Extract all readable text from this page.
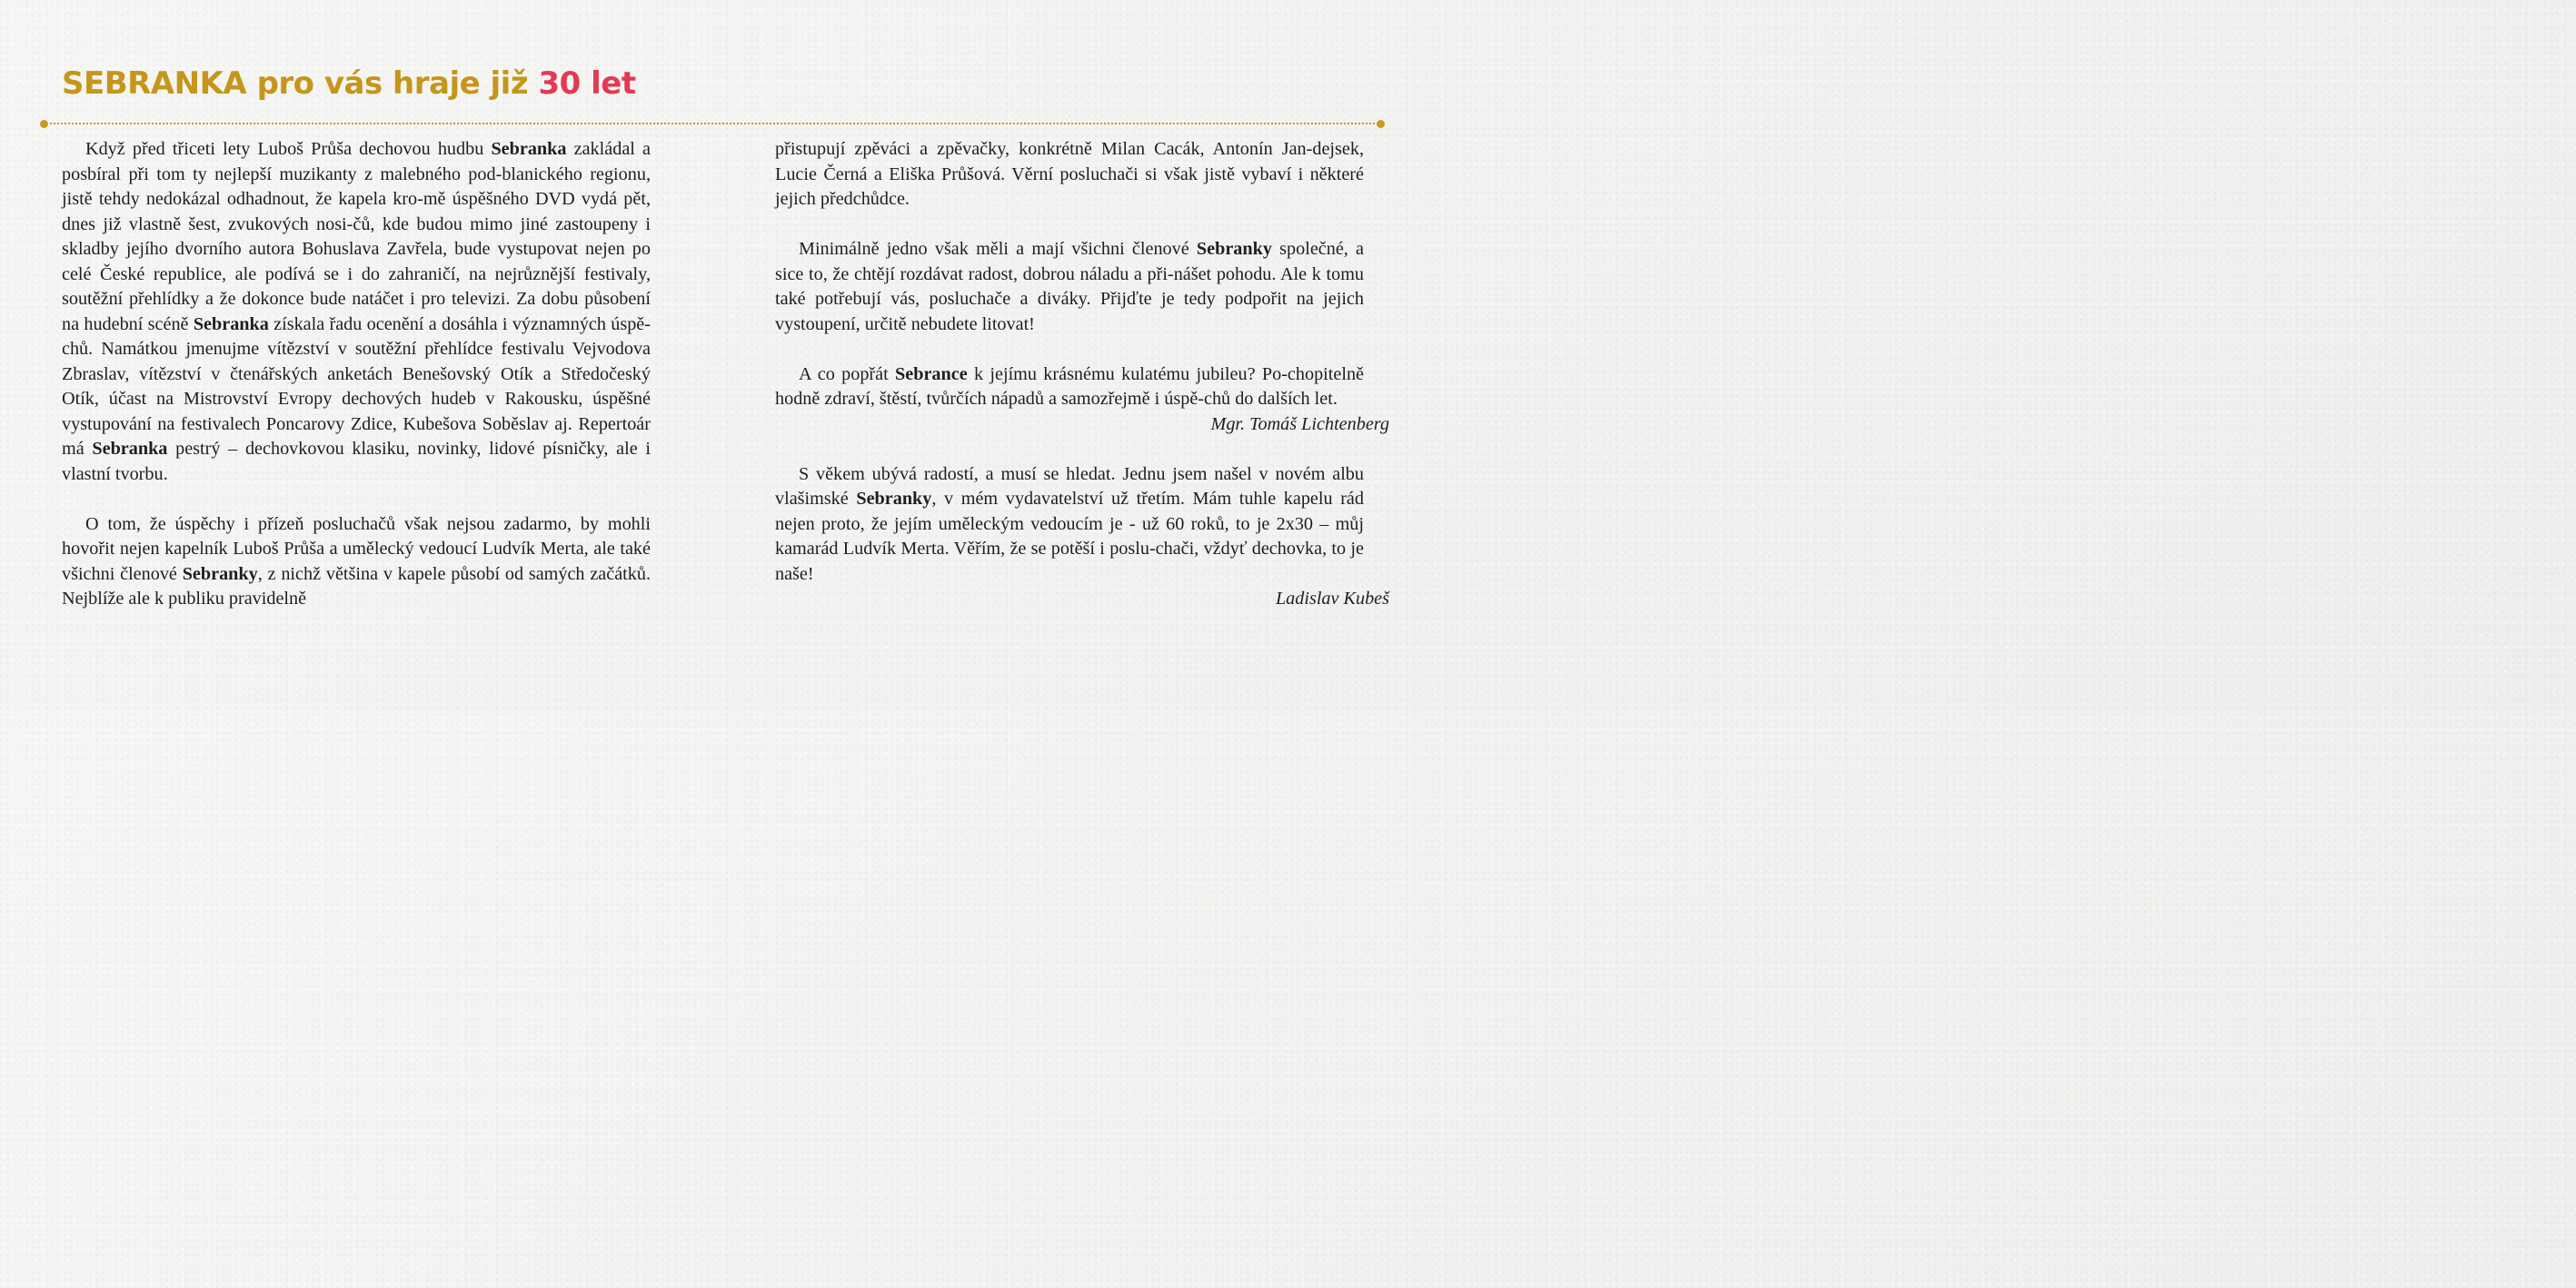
SEBRANKA pro vás hraje již 30 let

Když před třiceti lety Luboš Průša dechovou hudbu Sebranka zakládal a posbíral při tom ty nejlepší muzikanty z malebného pod-blanického regionu, jistě tehdy nedokázal odhadnout, že kapela kro-mě úspěšného DVD vydá pět, dnes již vlastně šest, zvukových nosi-čů, kde budou mimo jiné zastoupeny i skladby jejího dvorního autora Bohuslava Zavřela, bude vystupovat nejen po celé České republice, ale podívá se i do zahraničí, na nejrůznější festivaly, soutěžní přehlídky a že dokonce bude natáčet i pro televizi. Za dobu působení na hudební scéně Sebranka získala řadu ocenění a dosáhla i významných úspě-chů. Namátkou jmenujme vítězství v soutěžní přehlídce festivalu Vejvodova Zbraslav, vítězství v čtenářských anketách Benešovský Otík a Středočeský Otík, účast na Mistrovství Evropy dechových hudeb v Rakousku, úspěšné vystupování na festivalech Poncarovy Zdice, Kubešova Soběslav aj. Repertoár má Sebranka pestrý – dechovkovou klasiku, novinky, lidové písničky, ale i vlastní tvorbu.

O tom, že úspěchy i přízeň posluchačů však nejsou zadarmo, by mohli hovořit nejen kapelník Luboš Průša a umělecký vedoucí Ludvík Merta, ale také všichni členové Sebranky, z nichž většina v kapele působí od samých začátků. Nejblíže ale k publiku pravidelně

přistupují zpěváci a zpěvačky, konkrétně Milan Cacák, Antonín Jan-dejsek, Lucie Černá a Eliška Průšová. Věrní posluchači si však jistě vybaví i některé jejich předchůdce.

Minimálně jedno však měli a mají všichni členové Sebranky společné, a sice to, že chtějí rozdávat radost, dobrou náladu a při-nášet pohodu. Ale k tomu také potřebují vás, posluchače a diváky. Přijďte je tedy podpořit na jejich vystoupení, určitě nebudete litovat!

A co popřát Sebrance k jejímu krásnému kulatému jubileu? Po-chopitelně hodně zdraví, štěstí, tvůrčích nápadů a samozřejmě i úspě-chů do dalších let.

Mgr. Tomáš Lichtenberg

S věkem ubývá radostí, a musí se hledat. Jednu jsem našel v novém albu vlašimské Sebranky, v mém vydavatelství už třetím. Mám tuhle kapelu rád nejen proto, že jejím uměleckým vedoucím je - už 60 roků, to je 2x30 – můj kamarád Ludvík Merta. Věřím, že se potěší i poslu-chači, vždyť dechovka, to je naše!

Ladislav Kubeš
